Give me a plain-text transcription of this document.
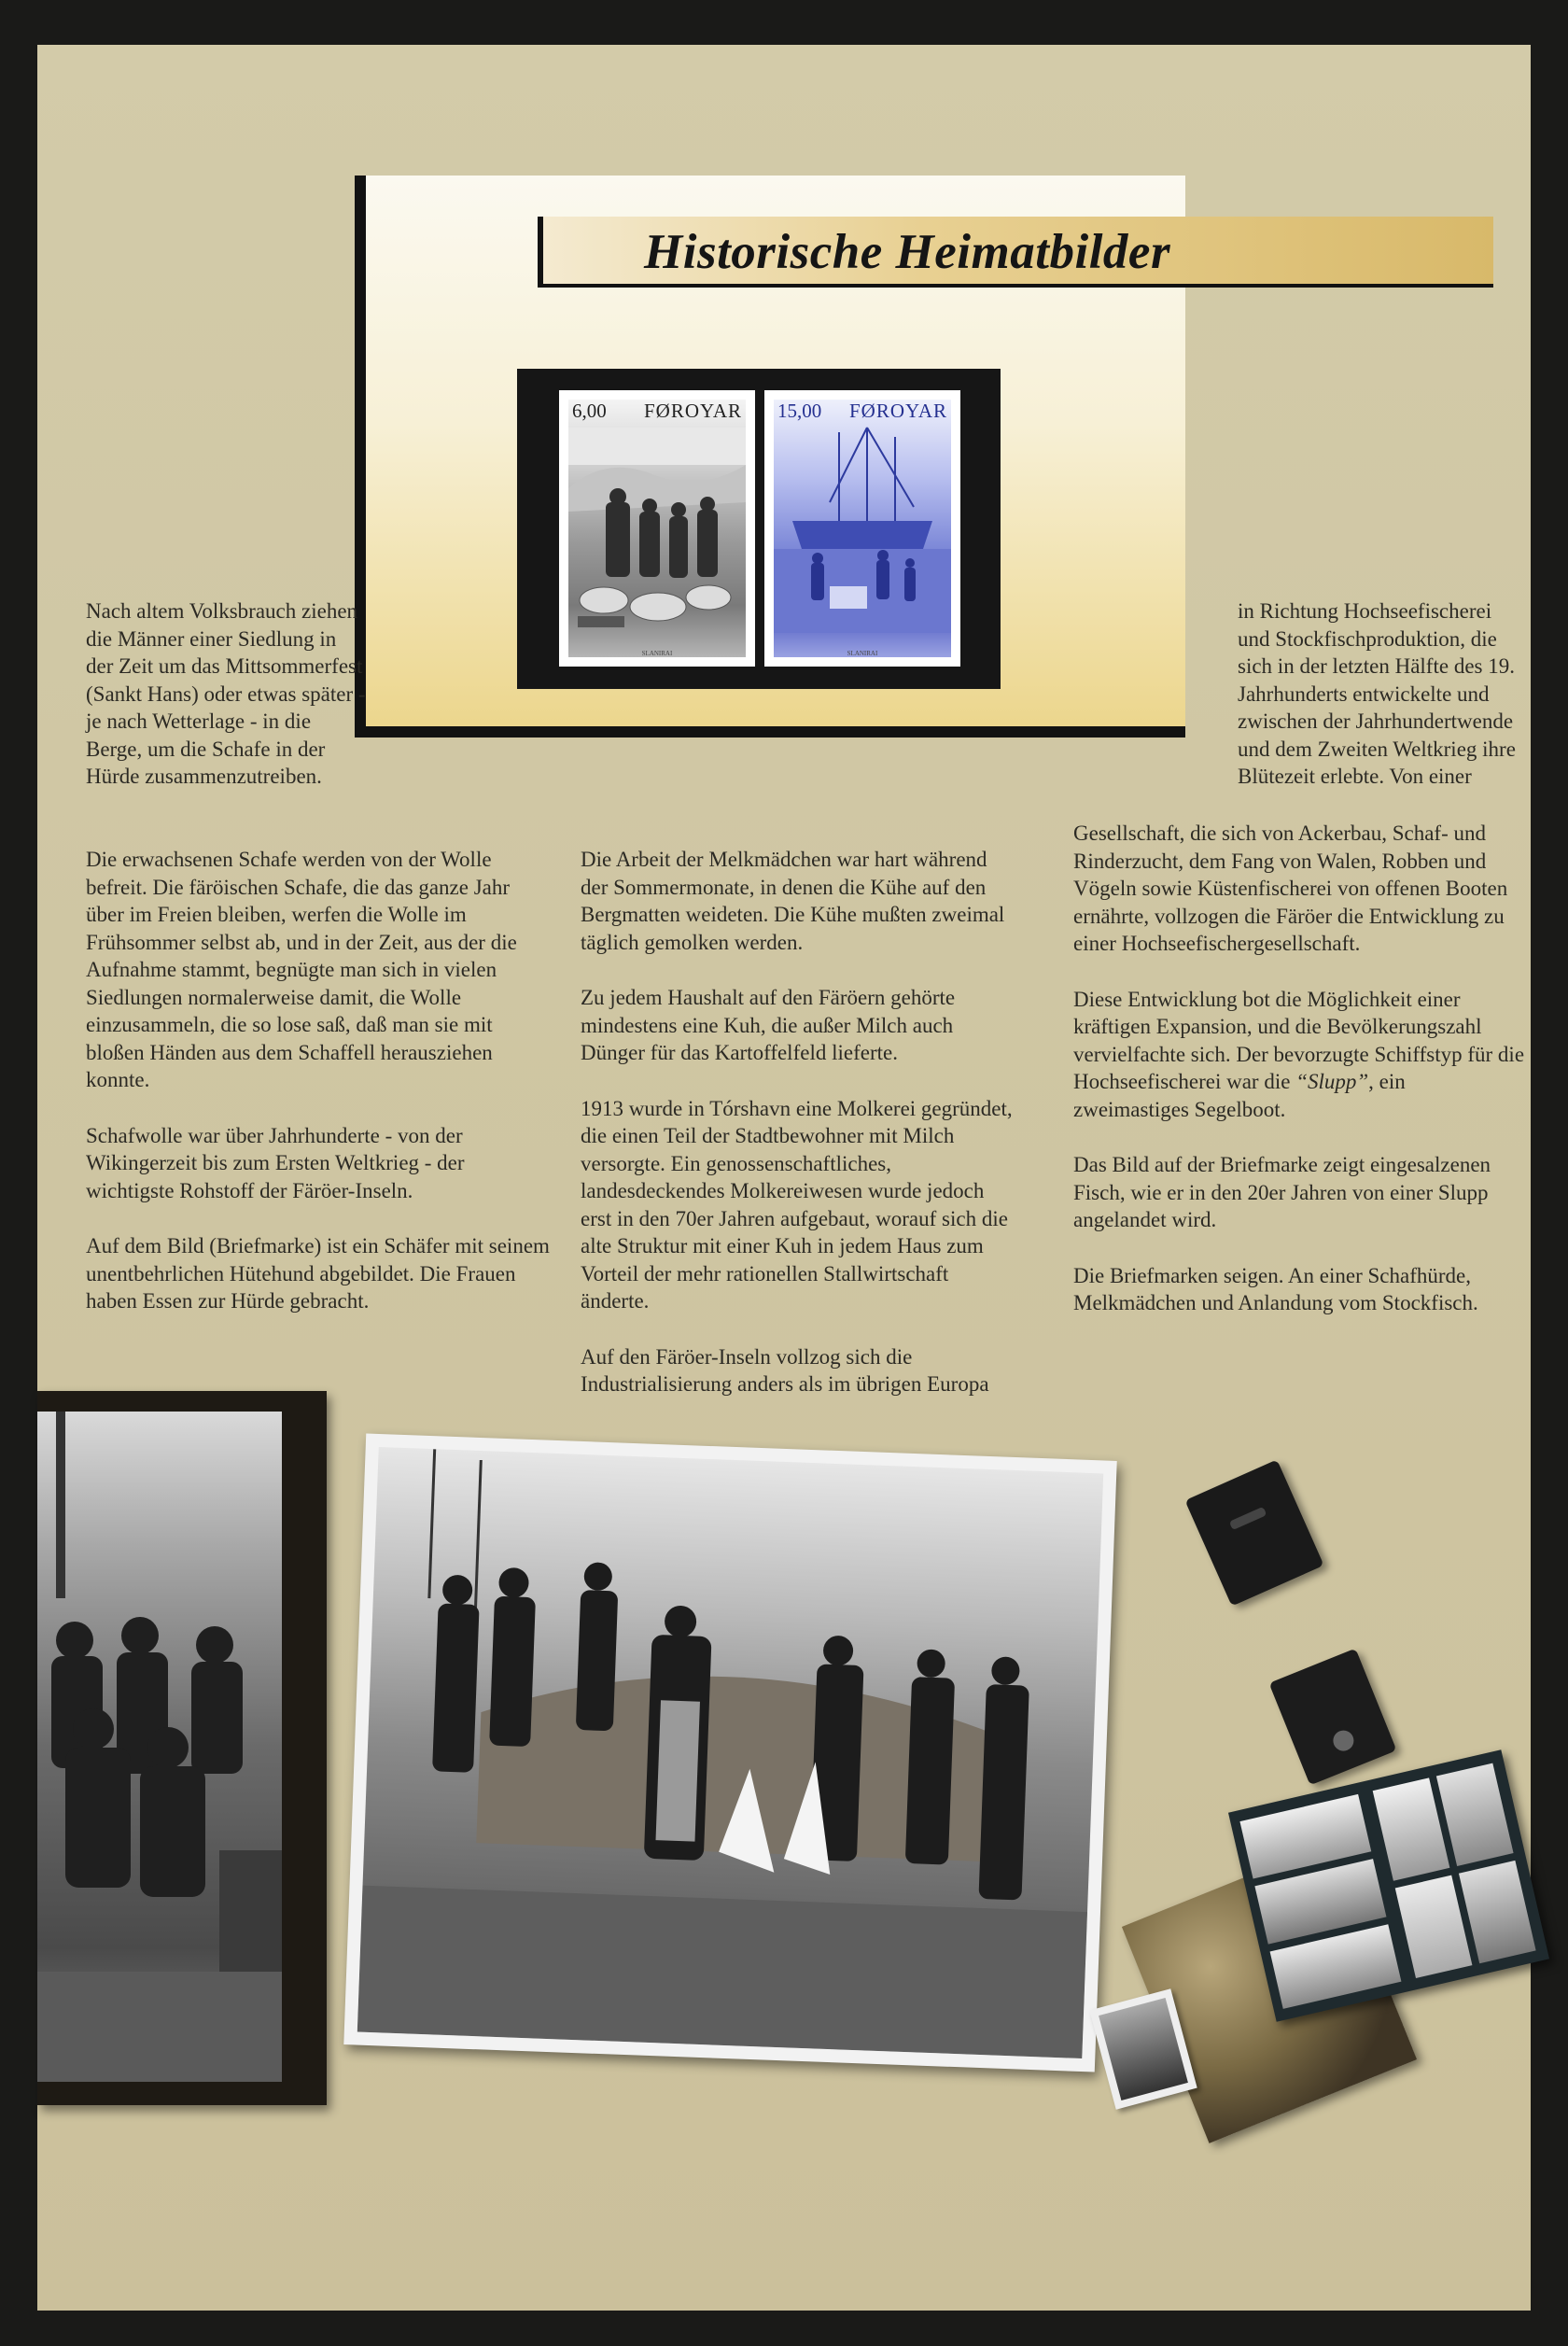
Historische Heimatbilder
6,00 FØROYAR
SLANIRAI
15,00 FØROYAR
SLANIRAI

Nach altem Volksbrauch ziehen die Männer einer Siedlung in der Zeit um das Mittsommerfest (Sankt Hans) oder etwas später - je nach Wetterlage - in die Berge, um die Schafe in der Hürde zusammenzutreiben.

Die erwachsenen Schafe werden von der Wolle befreit. Die färöischen Schafe, die das ganze Jahr über im Freien bleiben, werfen die Wolle im Frühsommer selbst ab, und in der Zeit, aus der die Aufnahme stammt, begnügte man sich in vielen Siedlungen normalerweise damit, die Wolle einzusammeln, die so lose saß, daß man sie mit bloßen Händen aus dem Schaffell herausziehen konnte.

Schafwolle war über Jahrhunderte - von der Wikingerzeit bis zum Ersten Weltkrieg - der wichtigste Rohstoff der Färöer-Inseln.

Auf dem Bild (Briefmarke) ist ein Schäfer mit seinem unentbehrlichen Hütehund abgebildet. Die Frauen haben Essen zur Hürde gebracht.

Die Arbeit der Melkmädchen war hart während der Sommermonate, in denen die Kühe auf den Bergmatten weideten. Die Kühe mußten zweimal täglich gemolken werden.

Zu jedem Haushalt auf den Färöern gehörte mindestens eine Kuh, die außer Milch auch Dünger für das Kartoffelfeld lieferte.

1913 wurde in Tórshavn eine Molkerei gegründet, die einen Teil der Stadtbewohner mit Milch versorgte. Ein genossenschaftliches, landesdeckendes Molkereiwesen wurde jedoch erst in den 70er Jahren aufgebaut, worauf sich die alte Struktur mit einer Kuh in jedem Haus zum Vorteil der mehr rationellen Stallwirtschaft änderte.

Auf den Färöer-Inseln vollzog sich die Industrialisierung anders als im übrigen Europa

in Richtung Hochseefischerei und Stockfischproduktion, die sich in der letzten Hälfte des 19. Jahrhunderts entwickelte und zwischen der Jahrhundertwende und dem Zweiten Weltkrieg ihre Blütezeit erlebte. Von einer

Gesellschaft, die sich von Ackerbau, Schaf- und Rinderzucht, dem Fang von Walen, Robben und Vögeln sowie Küstenfischerei von offenen Booten ernährte, vollzogen die Färöer die Entwicklung zu einer Hochseefischergesellschaft.

Diese Entwicklung bot die Möglichkeit einer kräftigen Expansion, und die Bevölkerungszahl vervielfachte sich. Der bevorzugte Schiffstyp für die Hochseefischerei war die “Slupp”, ein zweimastiges Segelboot.

Das Bild auf der Briefmarke zeigt eingesalzenen Fisch, wie er in den 20er Jahren von einer Slupp angelandet wird.

Die Briefmarken seigen. An einer Schafhürde, Melkmädchen und Anlandung vom Stockfisch.
